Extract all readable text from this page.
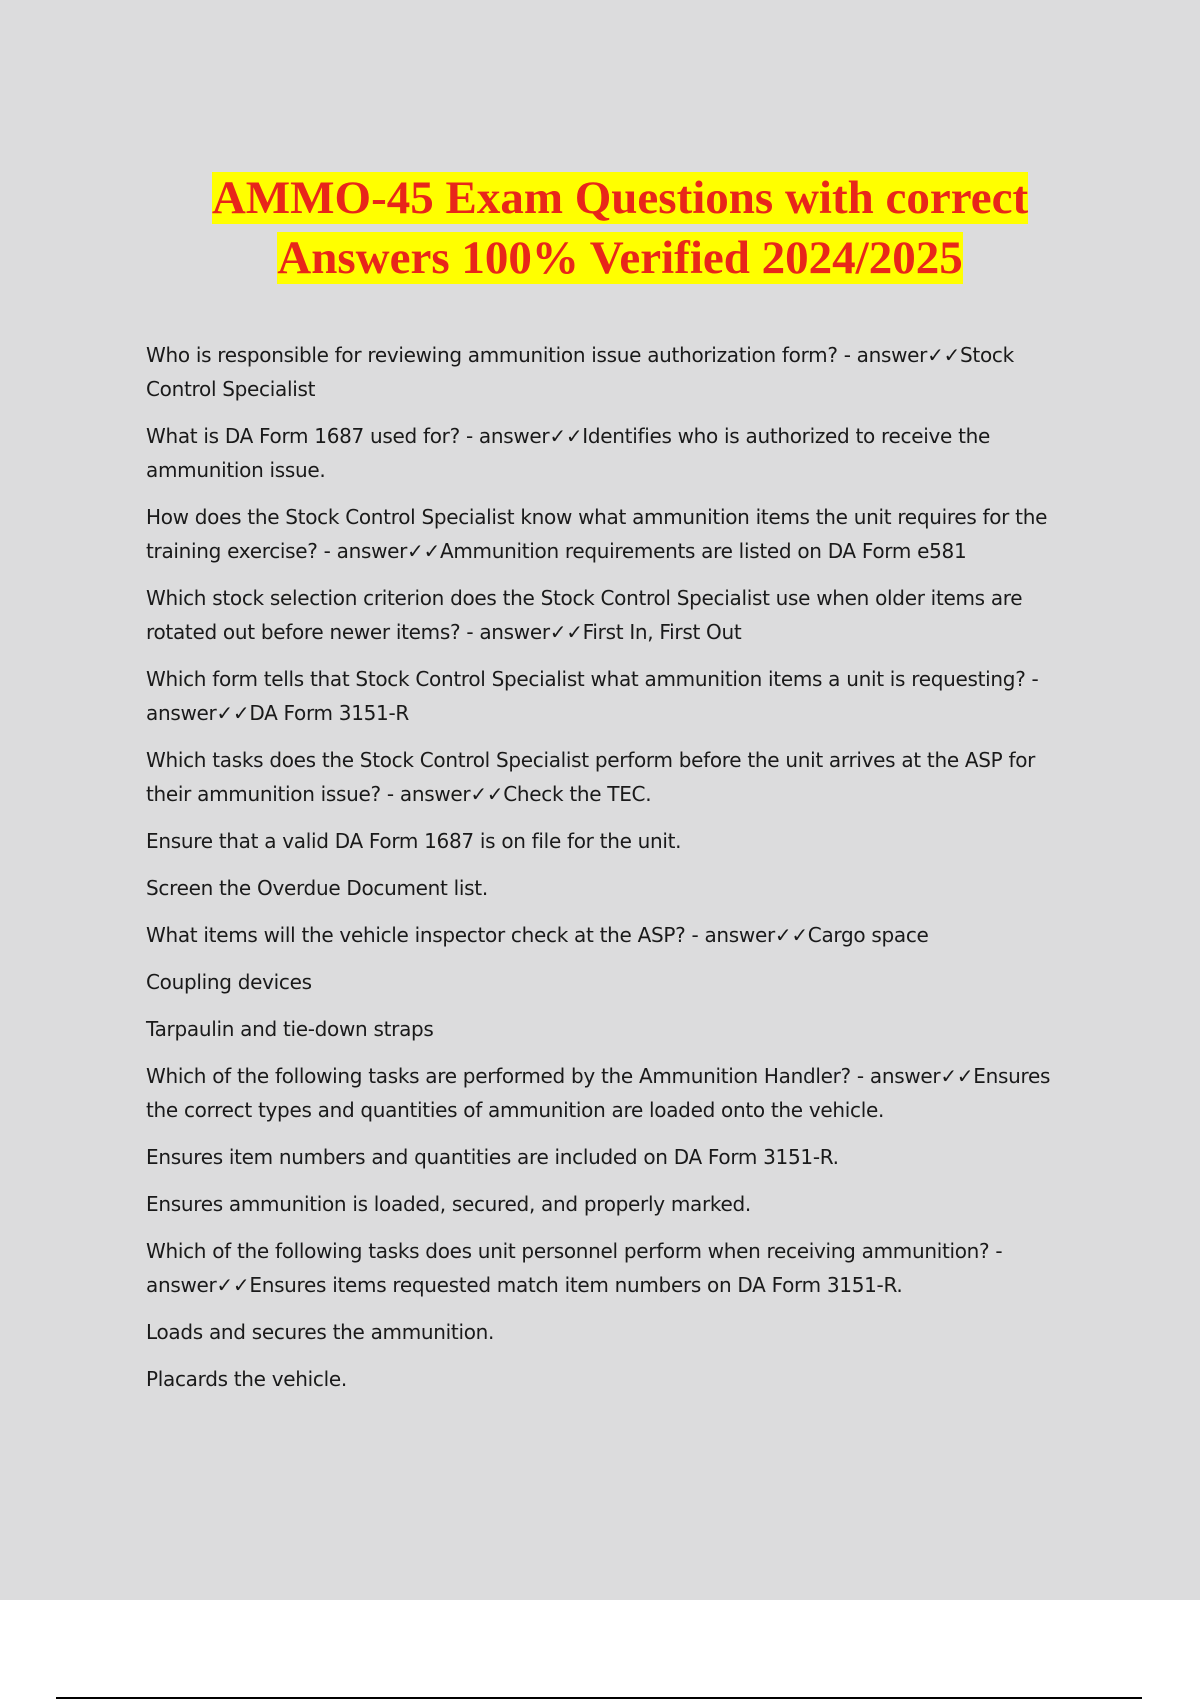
AMMO-45 Exam Questions with correct
Answers 100% Verified 2024/2025

Who is responsible for reviewing ammunition issue authorization form? - answer✓✓Stock Control Specialist

What is DA Form 1687 used for? - answer✓✓Identifies who is authorized to receive the ammunition issue.

How does the Stock Control Specialist know what ammunition items the unit requires for the training exercise? - answer✓✓Ammunition requirements are listed on DA Form e581

Which stock selection criterion does the Stock Control Specialist use when older items are rotated out before newer items? - answer✓✓First In, First Out

Which form tells that Stock Control Specialist what ammunition items a unit is requesting? - answer✓✓DA Form 3151-R

Which tasks does the Stock Control Specialist perform before the unit arrives at the ASP for their ammunition issue? - answer✓✓Check the TEC.

Ensure that a valid DA Form 1687 is on file for the unit.

Screen the Overdue Document list.

What items will the vehicle inspector check at the ASP? - answer✓✓Cargo space

Coupling devices

Tarpaulin and tie-down straps

Which of the following tasks are performed by the Ammunition Handler? - answer✓✓Ensures the correct types and quantities of ammunition are loaded onto the vehicle.

Ensures item numbers and quantities are included on DA Form 3151-R.

Ensures ammunition is loaded, secured, and properly marked.

Which of the following tasks does unit personnel perform when receiving ammunition? - answer✓✓Ensures items requested match item numbers on DA Form 3151-R.

Loads and secures the ammunition.

Placards the vehicle.
